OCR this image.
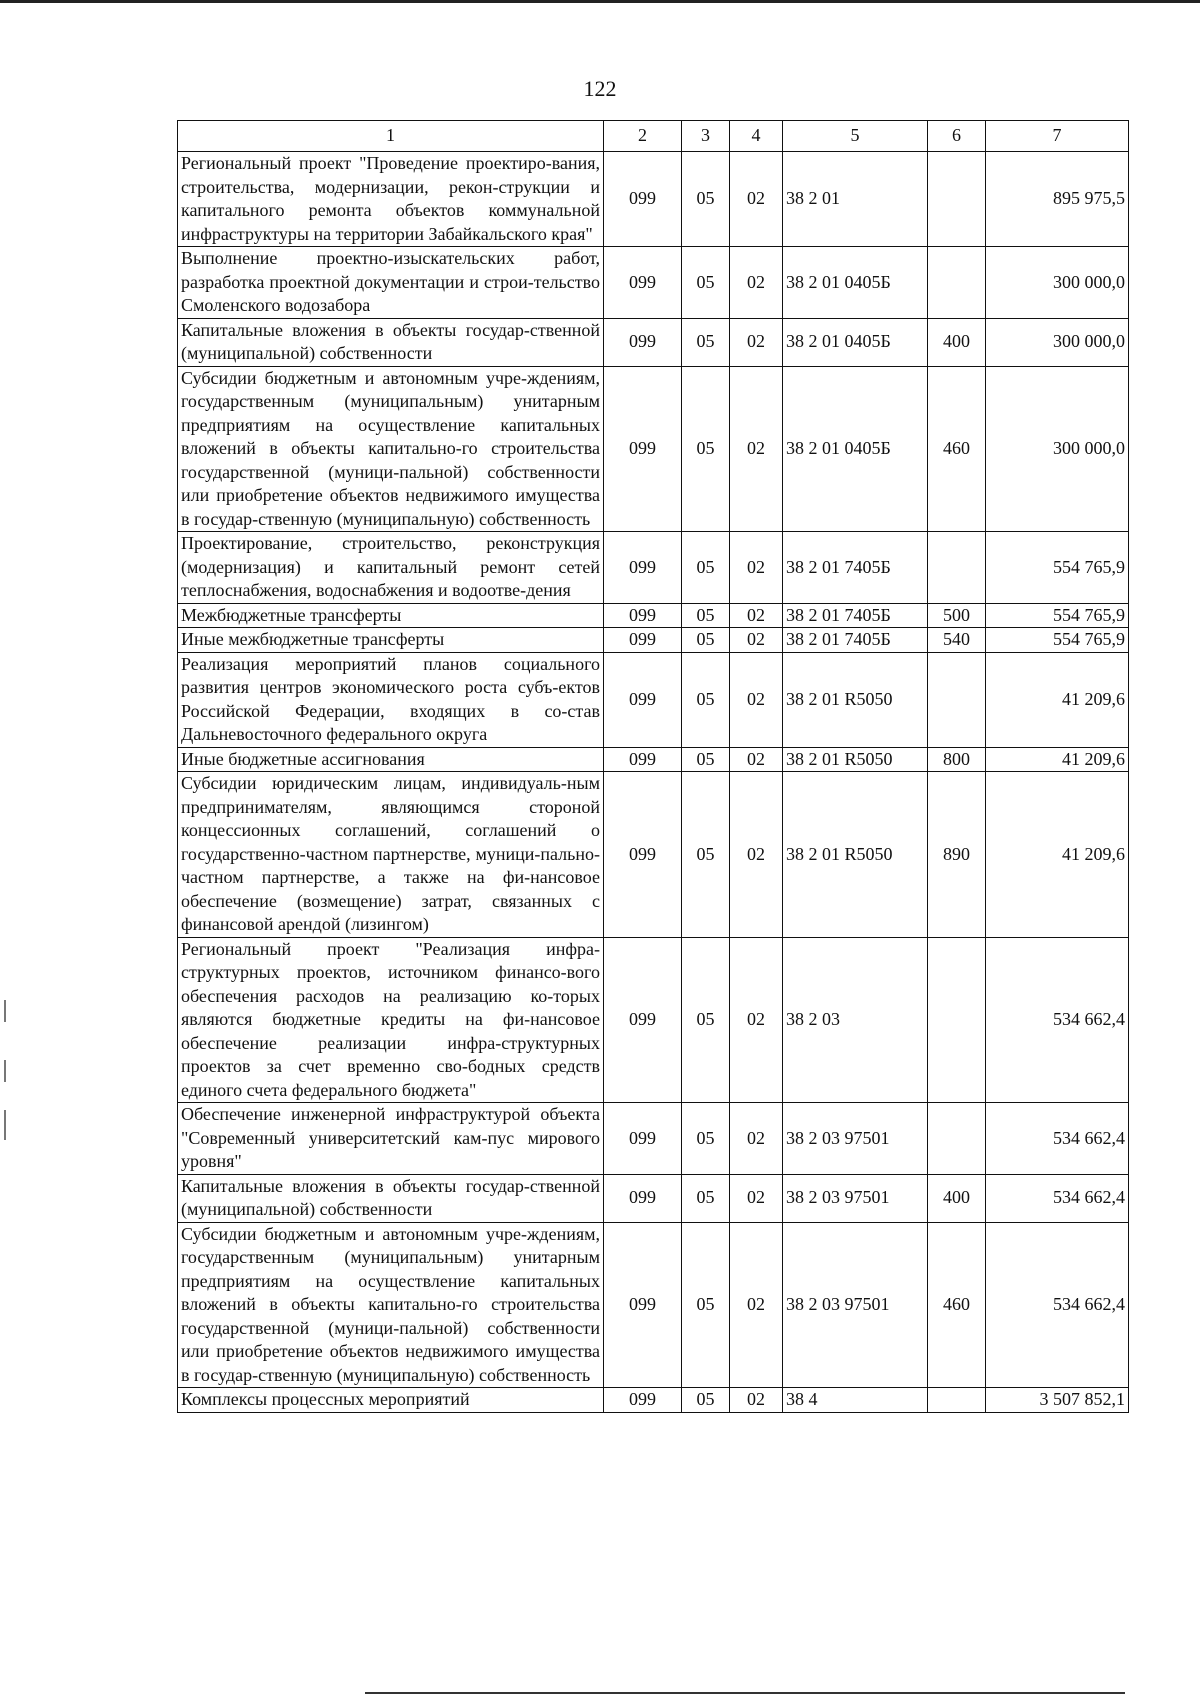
122
1	2	3	4	5	6	7
Региональный проект "Проведение проектиро-вания, строительства, модернизации, рекон-струкции и капитального ремонта объектов коммунальной инфраструктуры на территории Забайкальского края"	099	05	02	38 2 01		895 975,5
Выполнение проектно-изыскательских работ, разработка проектной документации и строи-тельство Смоленского водозабора	099	05	02	38 2 01 0405Б		300 000,0
Капитальные вложения в объекты государ-ственной (муниципальной) собственности	099	05	02	38 2 01 0405Б	400	300 000,0
Субсидии бюджетным и автономным учре-ждениям, государственным (муниципальным) унитарным предприятиям на осуществление капитальных вложений в объекты капитально-го строительства государственной (муници-пальной) собственности или приобретение объектов недвижимого имущества в государ-ственную (муниципальную) собственность	099	05	02	38 2 01 0405Б	460	300 000,0
Проектирование, строительство, реконструкция (модернизация) и капитальный ремонт сетей теплоснабжения, водоснабжения и водоотве-дения	099	05	02	38 2 01 7405Б		554 765,9
Межбюджетные трансферты	099	05	02	38 2 01 7405Б	500	554 765,9
Иные межбюджетные трансферты	099	05	02	38 2 01 7405Б	540	554 765,9
Реализация мероприятий планов социального развития центров экономического роста субъ-ектов Российской Федерации, входящих в со-став Дальневосточного федерального округа	099	05	02	38 2 01 R5050		41 209,6
Иные бюджетные ассигнования	099	05	02	38 2 01 R5050	800	41 209,6
Субсидии юридическим лицам, индивидуаль-ным предпринимателям, являющимся стороной концессионных соглашений, соглашений о государственно-частном партнерстве, муници-пально-частном партнерстве, а также на фи-нансовое обеспечение (возмещение) затрат, связанных с финансовой арендой (лизингом)	099	05	02	38 2 01 R5050	890	41 209,6
Региональный проект "Реализация инфра-структурных проектов, источником финансо-вого обеспечения расходов на реализацию ко-торых являются бюджетные кредиты на фи-нансовое обеспечение реализации инфра-структурных проектов за счет временно сво-бодных средств единого счета федерального бюджета"	099	05	02	38 2 03		534 662,4
Обеспечение инженерной инфраструктурой объекта "Современный университетский кам-пус мирового уровня"	099	05	02	38 2 03 97501		534 662,4
Капитальные вложения в объекты государ-ственной (муниципальной) собственности	099	05	02	38 2 03 97501	400	534 662,4
Субсидии бюджетным и автономным учре-ждениям, государственным (муниципальным) унитарным предприятиям на осуществление капитальных вложений в объекты капитально-го строительства государственной (муници-пальной) собственности или приобретение объектов недвижимого имущества в государ-ственную (муниципальную) собственность	099	05	02	38 2 03 97501	460	534 662,4
Комплексы процессных мероприятий	099	05	02	38 4		3 507 852,1
